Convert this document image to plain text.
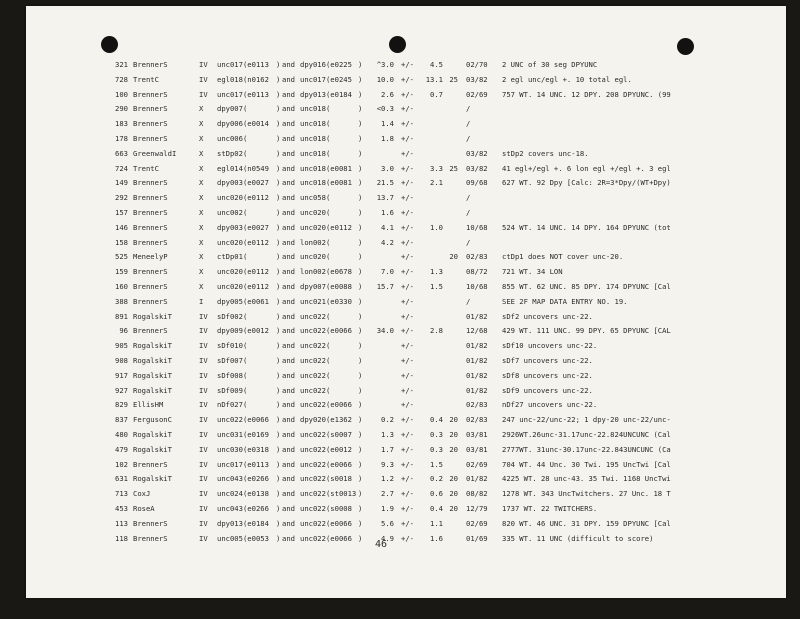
321 BrennerS	IV	unc017(e0113 ) and dpy016(e0225 )	^3.0 +/-	4.5	02/70	2 UNC of 30 seg DPYUNC
728 TrentC	IV	egl018(n0162 ) and unc017(e0245 )	10.0 +/-	13.1 25 03/82	2 egl unc/egl +. 10 total egl.
100 BrennerS	IV	unc017(e0113 ) and dpy013(e0184 )	2.6 +/-	0.7	02/69	757 WT. 14 UNC. 12 DPY. 208 DPYUNC. (99
290 BrennerS	X	dpy007(	) and unc018(	)	<0.3 +/-	/
183 BrennerS	X	dpy006(e0014 ) and unc018(	)	1.4 +/-	/
178 BrennerS	X	unc006(	) and unc018(	)	1.8 +/-	/
663 GreenwaldI	X	stDp02(	) and unc018(	)	+/-	03/82	stDp2 covers unc-18.
724 TrentC	X	egl014(n0549 ) and unc018(e0081 )	3.0 +/-	3.3 25 03/82	41 egl+/egl +. 6 lon egl +/egl +. 3 egl
149 BrennerS	X	dpy003(e0027 ) and unc018(e0081 )	21.5 +/-	2.1	09/68	627 WT. 92 Dpy [Calc: 2R=3*Dpy/(WT+Dpy)
292 BrennerS	X	unc020(e0112 ) and unc058(	)	13.7 +/-	/
157 BrennerS	X	unc002(	) and unc020(	)	1.6 +/-	/
146 BrennerS	X	dpy003(e0027 ) and unc020(e0112 )	4.1 +/-	1.0	10/68	524 WT. 14 UNC. 14 DPY. 164 DPYUNC (tot
158 BrennerS	X	unc020(e0112 ) and lon002(	)	4.2 +/-	/
525 MeneelyP	X	ctDp01(	) and unc020(	)	+/-	20 02/83	ctDp1 does NOT cover unc-20.
159 BrennerS	X	unc020(e0112 ) and lon002(e0678 )	7.0 +/-	1.3	08/72	721 WT. 34 LON
160 BrennerS	X	unc020(e0112 ) and dpy007(e0088 )	15.7 +/-	1.5	10/68	855 WT. 62 UNC. 85 DPY. 174 DPYUNC [Cal
388 BrennerS	I	dpy005(e0061 ) and unc021(e0330 )	+/-	/	SEE 2F MAP DATA ENTRY NO. 19.
891 RogalskiT	IV	sDf002(	) and unc022(	)	+/-	01/82	sDf2 uncovers unc-22.
96 BrennerS	IV	dpy009(e0012 ) and unc022(e0066 )	34.0 +/-	2.8	12/68	429 WT. 111 UNC. 99 DPY. 65 DPYUNC [CAL
905 RogalskiT	IV	sDf010(	) and unc022(	)	+/-	01/82	sDf10 uncovers unc-22.
908 RogalskiT	IV	sDf007(	) and unc022(	)	+/-	01/82	sDf7 uncovers unc-22.
917 RogalskiT	IV	sDf008(	) and unc022(	)	+/-	01/82	sDf8 uncovers unc-22.
927 RogalskiT	IV	sDf009(	) and unc022(	)	+/-	01/82	sDf9 uncovers unc-22.
829 EllisHM	IV	nDf027(	) and unc022(e0066 )	+/-	02/83	nDf27 uncovers unc-22.
837 FergusonC	IV	unc022(e0066 ) and dpy020(e1362 )	0.2 +/-	0.4 20 02/83	247 unc-22/unc-22; 1 dpy-20 unc-22/unc-
480 RogalskiT	IV	unc031(e0169 ) and unc022(s0007 )	1.3 +/-	0.3 20 03/81	2926WT.26unc-31.17unc-22.824UNCUNC (Cal
479 RogalskiT	IV	unc030(e0318 ) and unc022(e0012 )	1.7 +/-	0.3 20 03/81	2777WT. 31unc-30.17unc-22.843UNCUNC (Ca
102 BrennerS	IV	unc017(e0113 ) and unc022(e0066 )	9.3 +/-	1.5	02/69	704 WT. 44 Unc. 30 Twi. 195 UncTwi [Cal
631 RogalskiT	IV	unc043(e0266 ) and unc022(s0018 )	1.2 +/-	0.2 20 01/82	4225 WT. 28 unc-43. 35 Twi. 1168 UncTwi
713 CoxJ	IV	unc024(e0138 ) and unc022(st0013 )	2.7 +/-	0.6 20 08/82	1278 WT. 343 UncTwitchers. 27 Unc. 18 T
453 RoseA	IV	unc043(e0266 ) and unc022(s0008 )	1.9 +/-	0.4 20 12/79	1737 WT. 22 TWITCHERS.
113 BrennerS	IV	dpy013(e0184 ) and unc022(e0066 )	5.6 +/-	1.1	02/69	820 WT. 46 UNC. 31 DPY. 159 DPYUNC [Cal
118 BrennerS	IV	unc005(e0053 ) and unc022(e0066 )	4.9 +/-	1.6	01/69	335 WT. 11 UNC (difficult to score)
46
